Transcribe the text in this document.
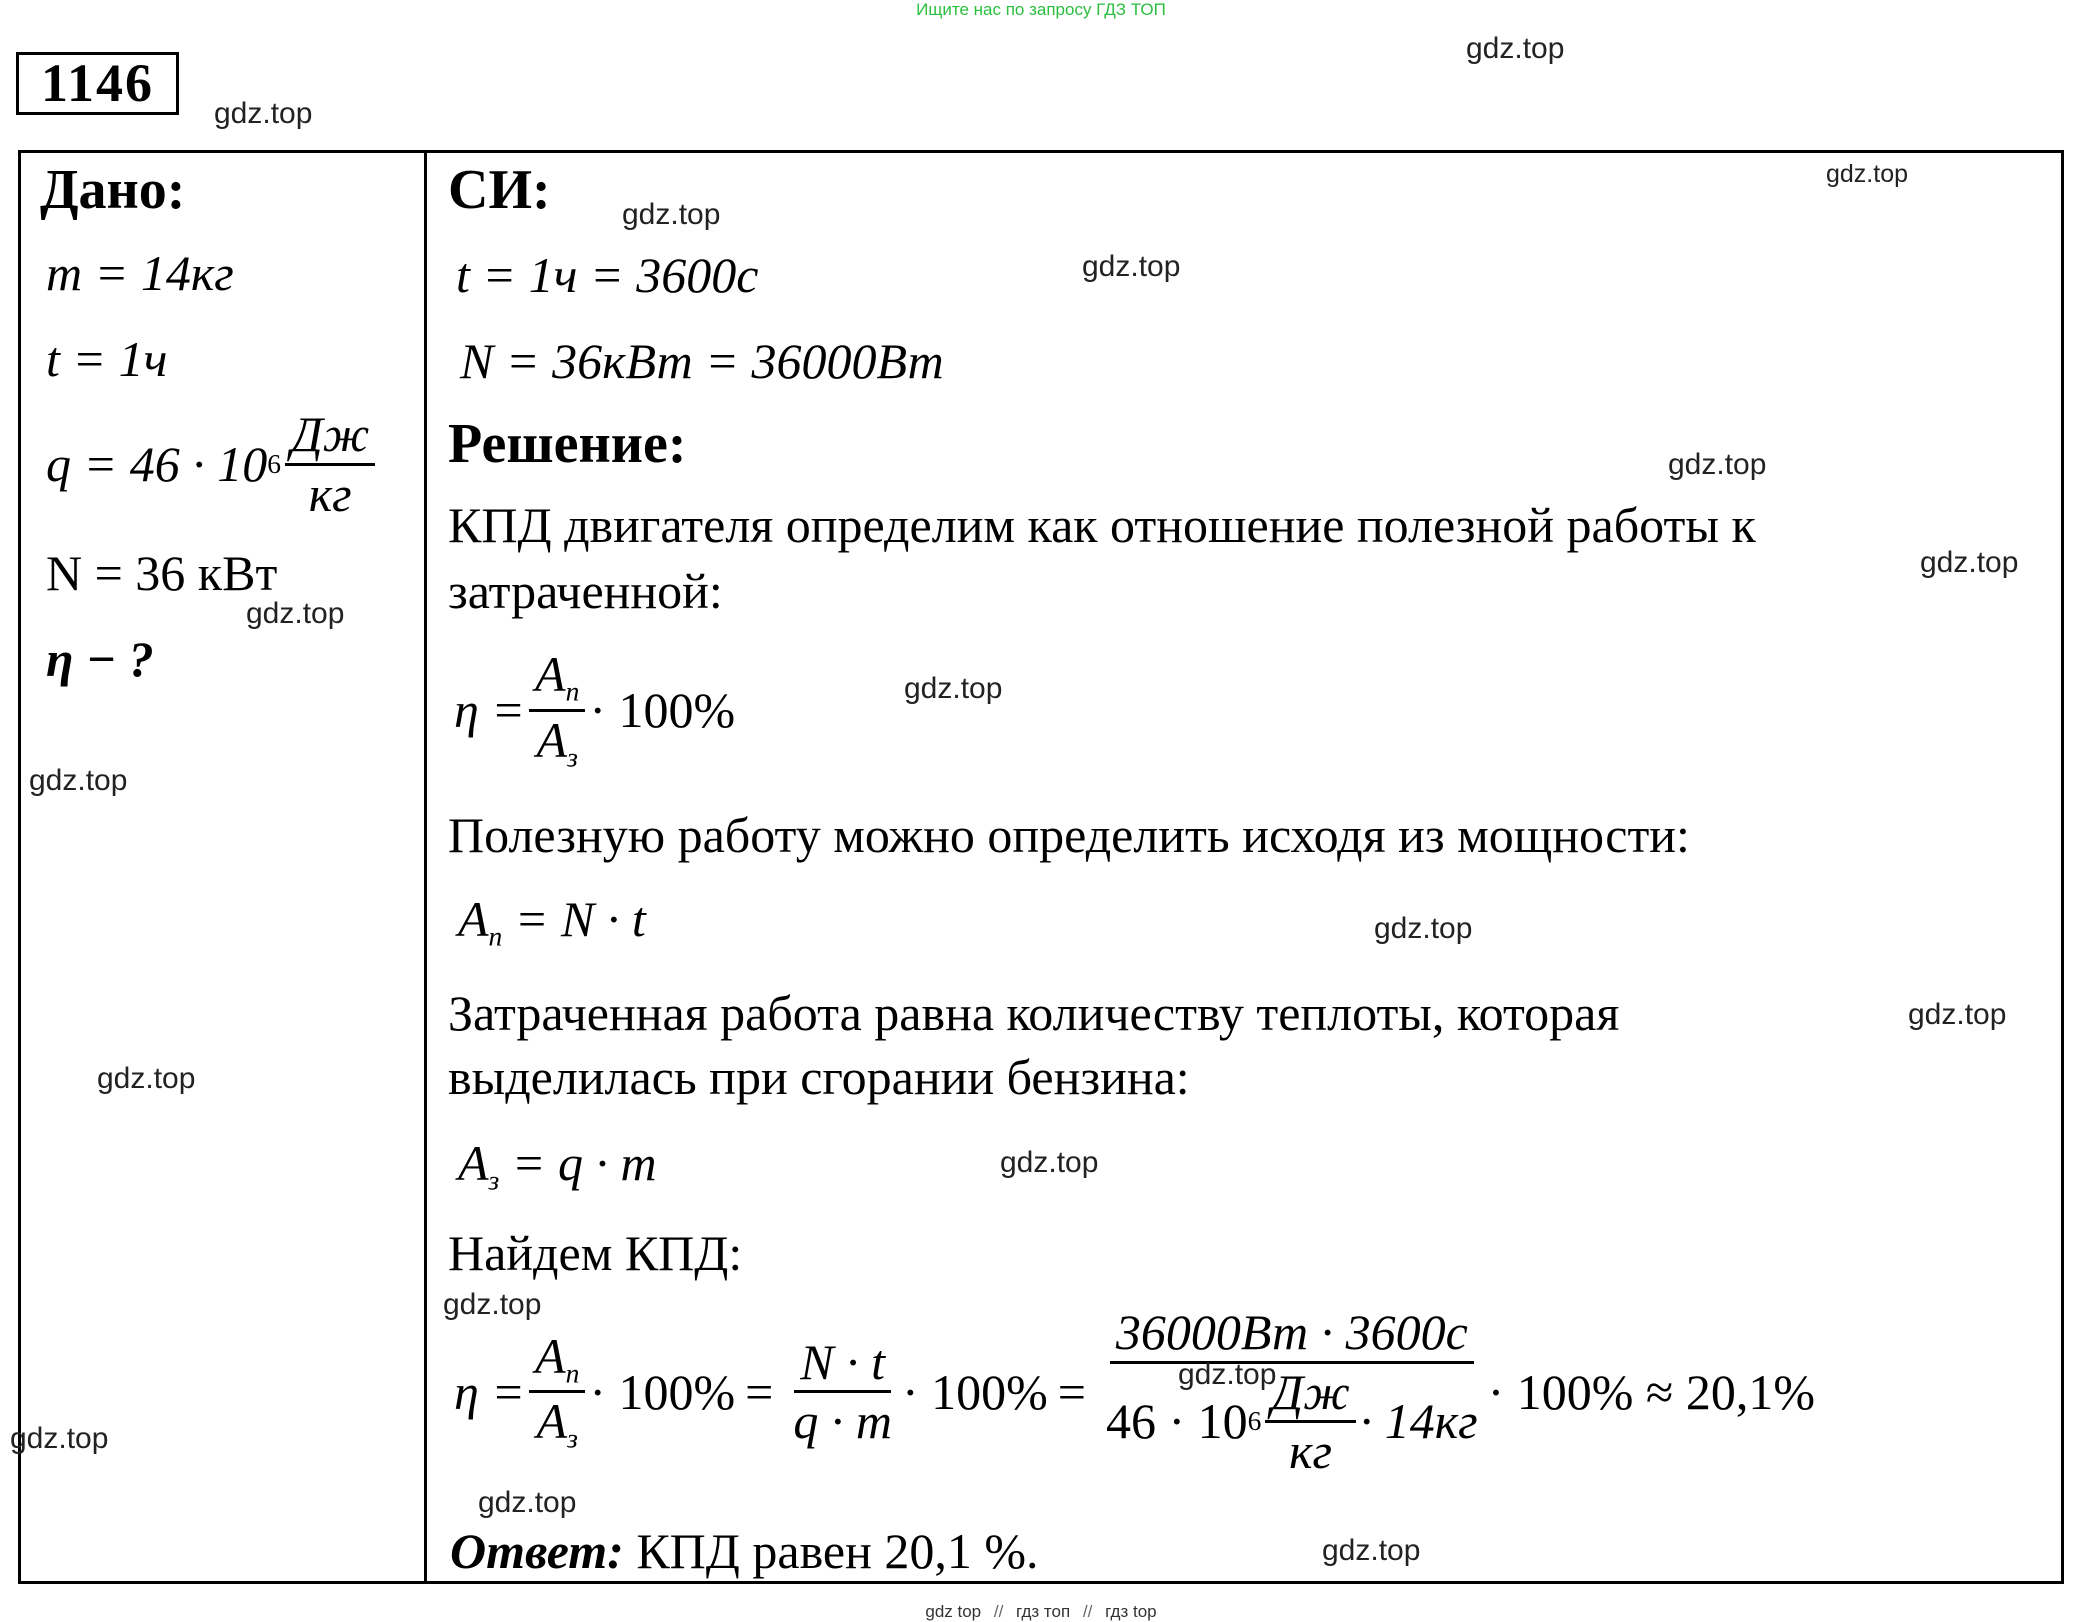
Ищите нас по запросу ГДЗ ТОП
1146
Дано:
m = 14кг
t = 1ч
q = 46 · 10 $6 \frac{Дж}{кг}$
N = 36 кВт
η − ?
СИ:
t = 1ч = 3600с
N = 36кВт = 36000Вт
Решение:
КПД двигателя определим как отношение полезной работы к
затраченной:
$\eta = \frac{A_n}{A_з} \cdot 100\%$
Полезную работу можно определить исходя из мощности:
$A_n = N \cdot t$
Затраченная работа равна количеству теплоты, которая
выделилась при сгорании бензина:
$A_з = q \cdot m$
Найдем КПД:
$\eta = \frac{A_n}{A_з} \cdot 100\% = \frac{N \cdot t}{q \cdot m} \cdot 100\% = \frac{36000Вт \cdot 3600с}{46 \cdot 10 6 \frac{Дж}{кг} \cdot 14кг} \cdot 100\% \approx 20,1\%$
Ответ: КПД равен 20,1 %.
gdz.top
gdz.top
gdz.top
gdz.top
gdz.top
gdz.top
gdz.top
gdz.top
gdz.top
gdz.top
gdz.top
gdz.top
gdz.top
gdz.top
gdz.top
gdz.top
gdz.top
gdz.top
gdz.top
gdz top // гдз топ // гдз top
